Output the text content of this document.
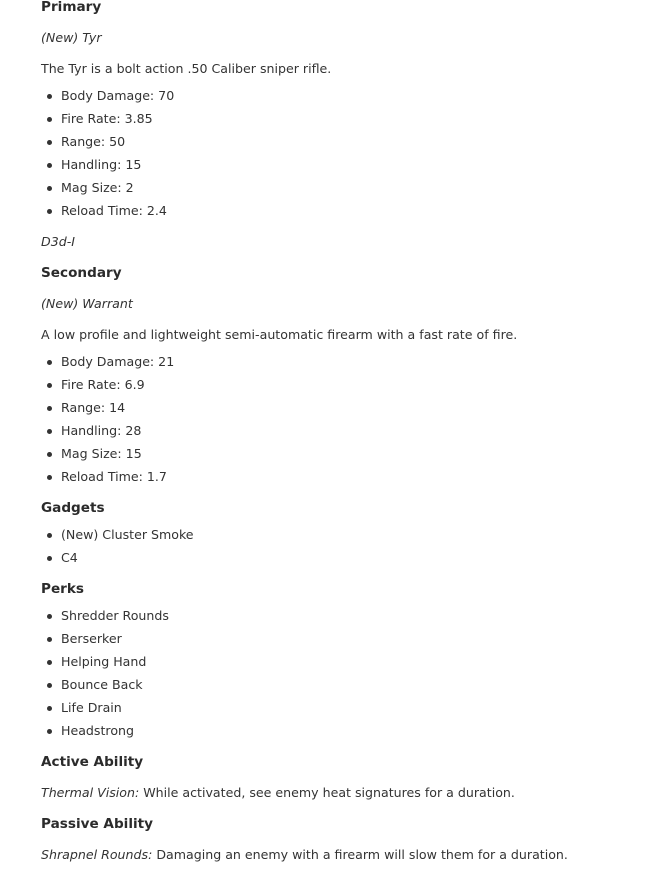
Primary

(New) Tyr

The Tyr is a bolt action .50 Caliber sniper rifle.

Body Damage: 70
Fire Rate: 3.85
Range: 50
Handling: 15
Mag Size: 2
Reload Time: 2.4

D3d-I

Secondary

(New) Warrant

A low profile and lightweight semi-automatic firearm with a fast rate of fire.

Body Damage: 21
Fire Rate: 6.9
Range: 14
Handling: 28
Mag Size: 15
Reload Time: 1.7
Gadgets
(New) Cluster Smoke
C4
Perks
Shredder Rounds
Berserker
Helping Hand
Bounce Back
Life Drain
Headstrong
Active Ability

Thermal Vision: While activated, see enemy heat signatures for a duration.

Passive Ability

Shrapnel Rounds: Damaging an enemy with a firearm will slow them for a duration.
